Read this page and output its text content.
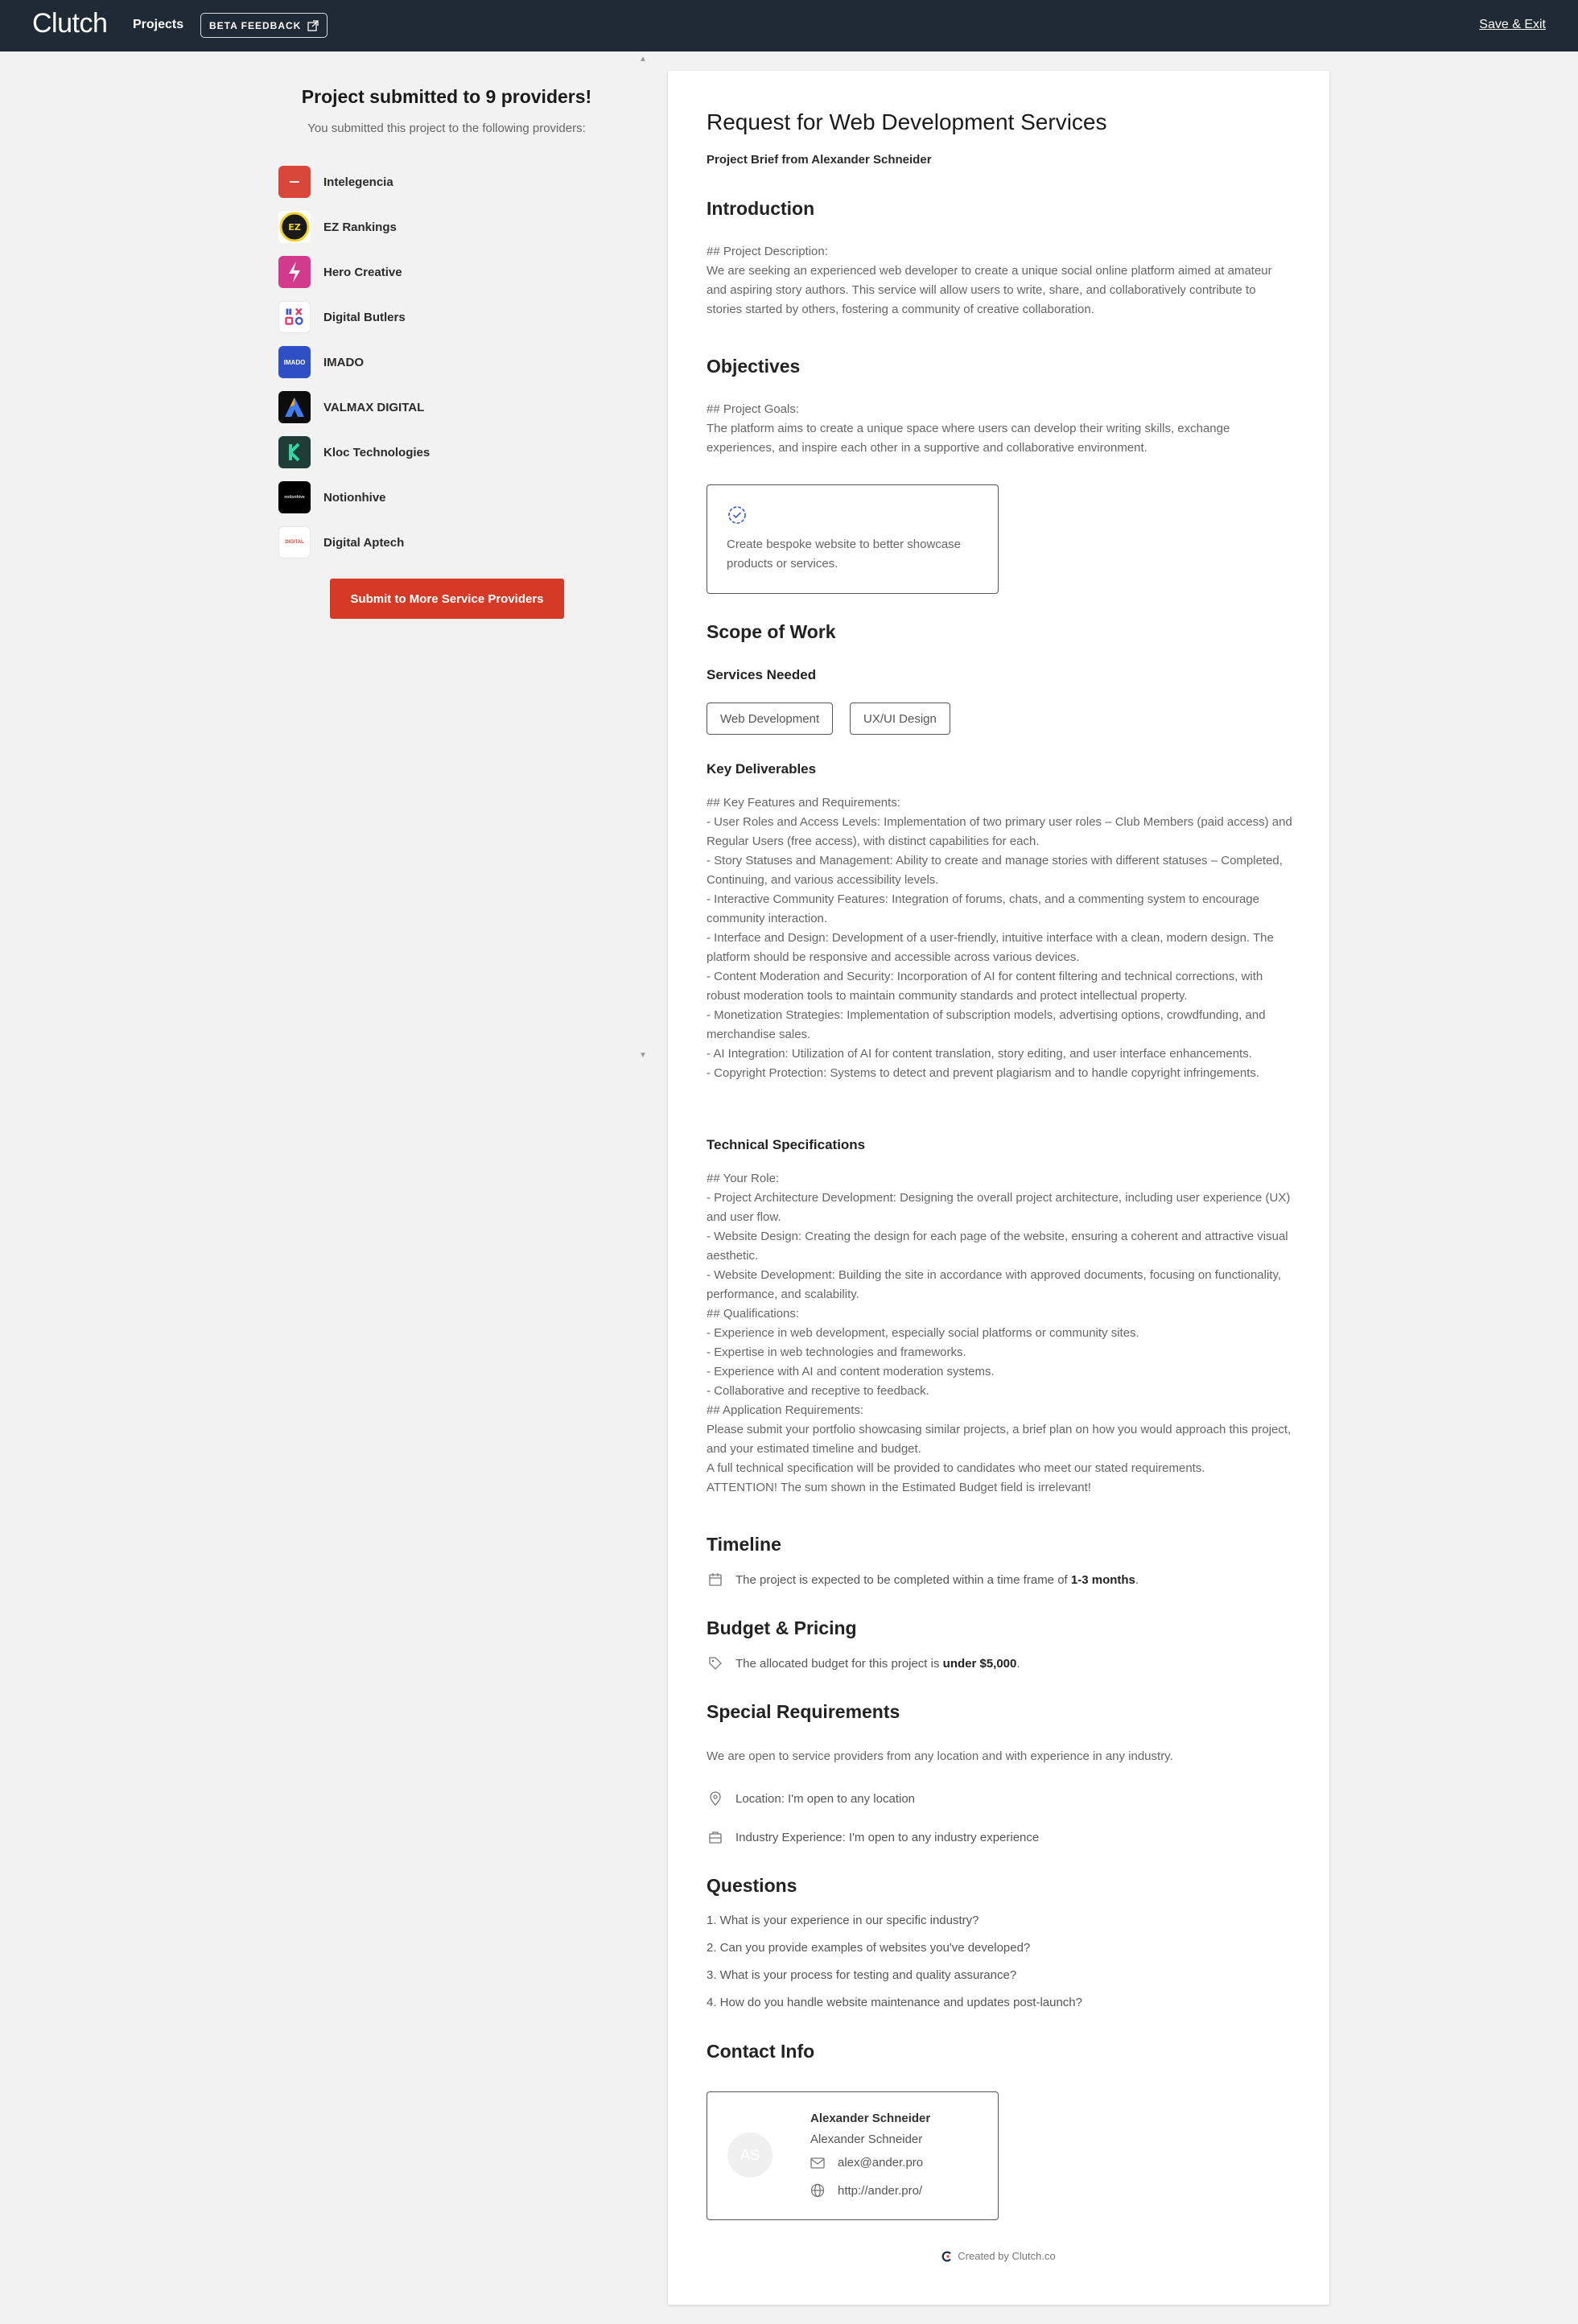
Clutch Projects	BETA FEEDBACK	Save & Exit
▲
▼
Project submitted to 9 providers!
You submitted this project to the following providers:
▬▬ Intelegencia
EZ EZ Rankings
Hero Creative
Digital Butlers
IMADO IMADO
VALMAX DIGITAL
Kloc Technologies
notionhive Notionhive
DIGITAL Digital Aptech
Submit to More Service Providers
Request for Web Development Services
Project Brief from Alexander Schneider
Introduction
## Project Description:
We are seeking an experienced web developer to create a unique social online platform aimed at amateur and aspiring story authors. This service will allow users to write, share, and collaboratively contribute to stories started by others, fostering a community of creative collaboration.
Objectives
## Project Goals:
The platform aims to create a unique space where users can develop their writing skills, exchange experiences, and inspire each other in a supportive and collaborative environment.
Create bespoke website to better showcase products or services.
Scope of Work
Services Needed
Web Development	UX/UI Design
Key Deliverables
## Key Features and Requirements:
- User Roles and Access Levels: Implementation of two primary user roles – Club Members (paid access) and Regular Users (free access), with distinct capabilities for each.
- Story Statuses and Management: Ability to create and manage stories with different statuses – Completed, Continuing, and various accessibility levels.
- Interactive Community Features: Integration of forums, chats, and a commenting system to encourage community interaction.
- Interface and Design: Development of a user-friendly, intuitive interface with a clean, modern design. The platform should be responsive and accessible across various devices.
- Content Moderation and Security: Incorporation of AI for content filtering and technical corrections, with robust moderation tools to maintain community standards and protect intellectual property.
- Monetization Strategies: Implementation of subscription models, advertising options, crowdfunding, and merchandise sales.
- AI Integration: Utilization of AI for content translation, story editing, and user interface enhancements.
- Copyright Protection: Systems to detect and prevent plagiarism and to handle copyright infringements.
Technical Specifications
## Your Role:
- Project Architecture Development: Designing the overall project architecture, including user experience (UX) and user flow.
- Website Design: Creating the design for each page of the website, ensuring a coherent and attractive visual aesthetic.
- Website Development: Building the site in accordance with approved documents, focusing on functionality, performance, and scalability.
## Qualifications:
- Experience in web development, especially social platforms or community sites.
- Expertise in web technologies and frameworks.
- Experience with AI and content moderation systems.
- Collaborative and receptive to feedback.
## Application Requirements:
Please submit your portfolio showcasing similar projects, a brief plan on how you would approach this project, and your estimated timeline and budget.
A full technical specification will be provided to candidates who meet our stated requirements.
ATTENTION! The sum shown in the Estimated Budget field is irrelevant!
Timeline
The project is expected to be completed within a time frame of
1-3 months .
Budget & Pricing
The allocated budget for this project is
under $5,000 .
Special Requirements
We are open to service providers from any location and with experience in any industry.
Location: I'm open to any location
Industry Experience: I'm open to any industry experience
Questions
1. What is your experience in our specific industry?
2. Can you provide examples of websites you've developed?
3. What is your process for testing and quality assurance?
4. How do you handle website maintenance and updates post-launch?
Contact Info
AS
Alexander Schneider
Alexander Schneider
alex@ander.pro
http://ander.pro/
Created by Clutch.co
